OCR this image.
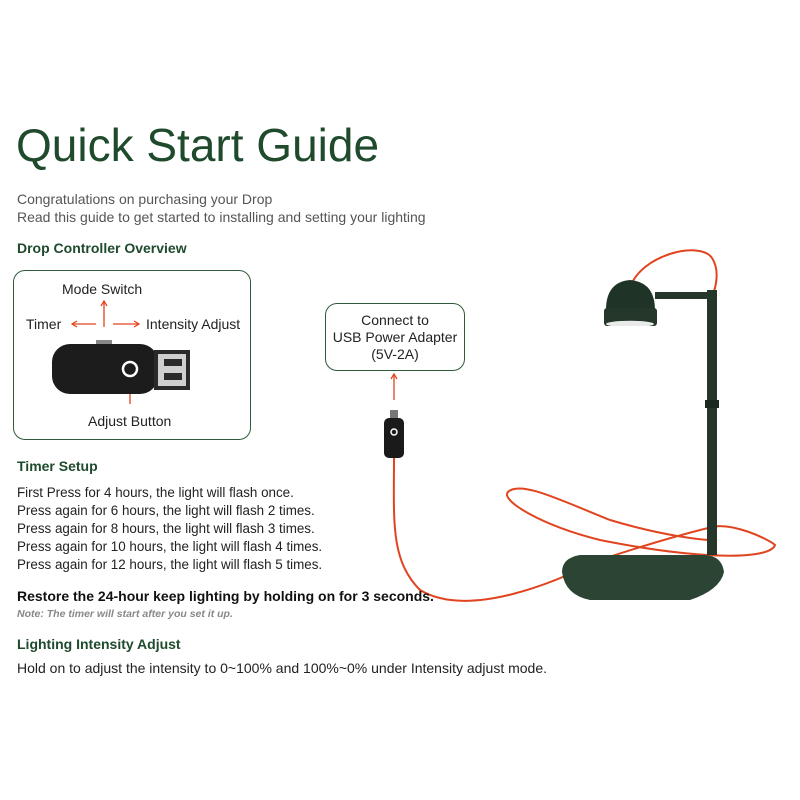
Quick Start Guide
Congratulations on purchasing your Drop
Read this guide to get started to installing and setting your lighting
Drop Controller Overview
Mode Switch
Timer	Intensity Adjust
Adjust Button
Connect to
USB Power Adapter
(5V-2A)
Timer Setup
First Press for 4 hours, the light will flash once.
Press again for 6 hours, the light will flash 2 times.
Press again for 8 hours, the light will flash 3 times.
Press again for 10 hours, the light will flash 4 times.
Press again for 12 hours, the light will flash 5 times.
Restore the 24-hour keep lighting by holding on for 3 seconds.
Note: The timer will start after you set it up.
Lighting Intensity Adjust
Hold on to adjust the intensity to 0~100% and 100%~0% under Intensity adjust mode.
